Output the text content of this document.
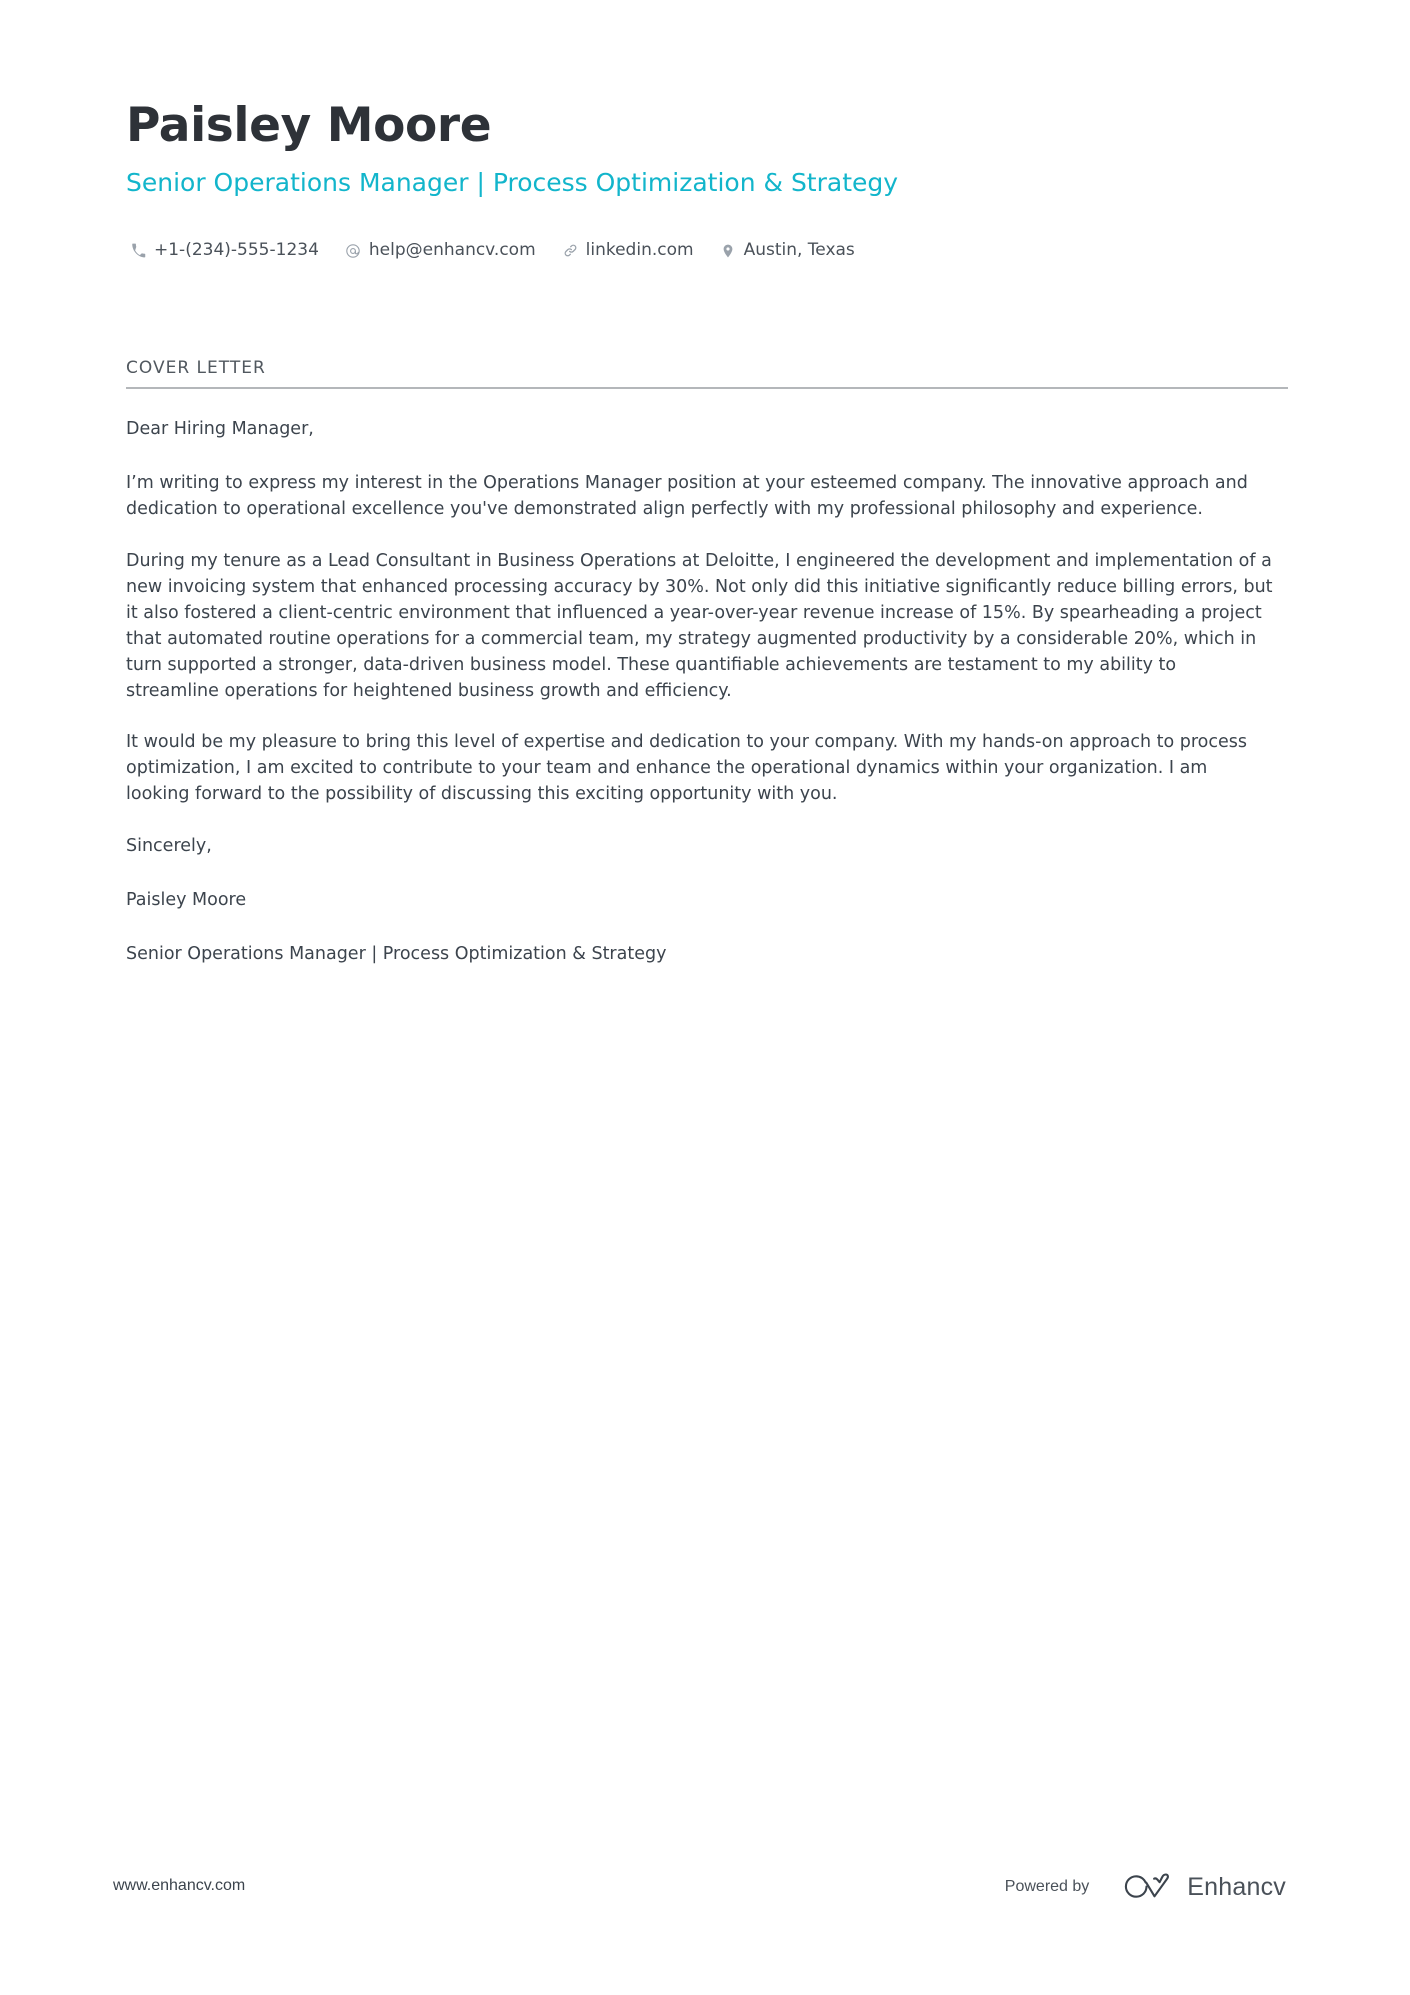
Paisley Moore
Senior Operations Manager | Process Optimization & Strategy
+1-(234)-555-1234	help@enhancv.com	linkedin.com	Austin, Texas
COVER LETTER

Dear Hiring Manager,

I’m writing to express my interest in the Operations Manager position at your esteemed company. The innovative approach and dedication to operational excellence you've demonstrated align perfectly with my professional philosophy and experience.

During my tenure as a Lead Consultant in Business Operations at Deloitte, I engineered the development and implementation of a new invoicing system that enhanced processing accuracy by 30%. Not only did this initiative significantly reduce billing errors, but it also fostered a client-centric environment that influenced a year-over-year revenue increase of 15%. By spearheading a project that automated routine operations for a commercial team, my strategy augmented productivity by a considerable 20%, which in turn supported a stronger, data-driven business model. These quantifiable achievements are testament to my ability to streamline operations for heightened business growth and efficiency.

It would be my pleasure to bring this level of expertise and dedication to your company. With my hands-on approach to process optimization, I am excited to contribute to your team and enhance the operational dynamics within your organization. I am looking forward to the possibility of discussing this exciting opportunity with you.

Sincerely,

Paisley Moore

Senior Operations Manager | Process Optimization & Strategy

www.enhancv.com	Powered by	Enhancv
